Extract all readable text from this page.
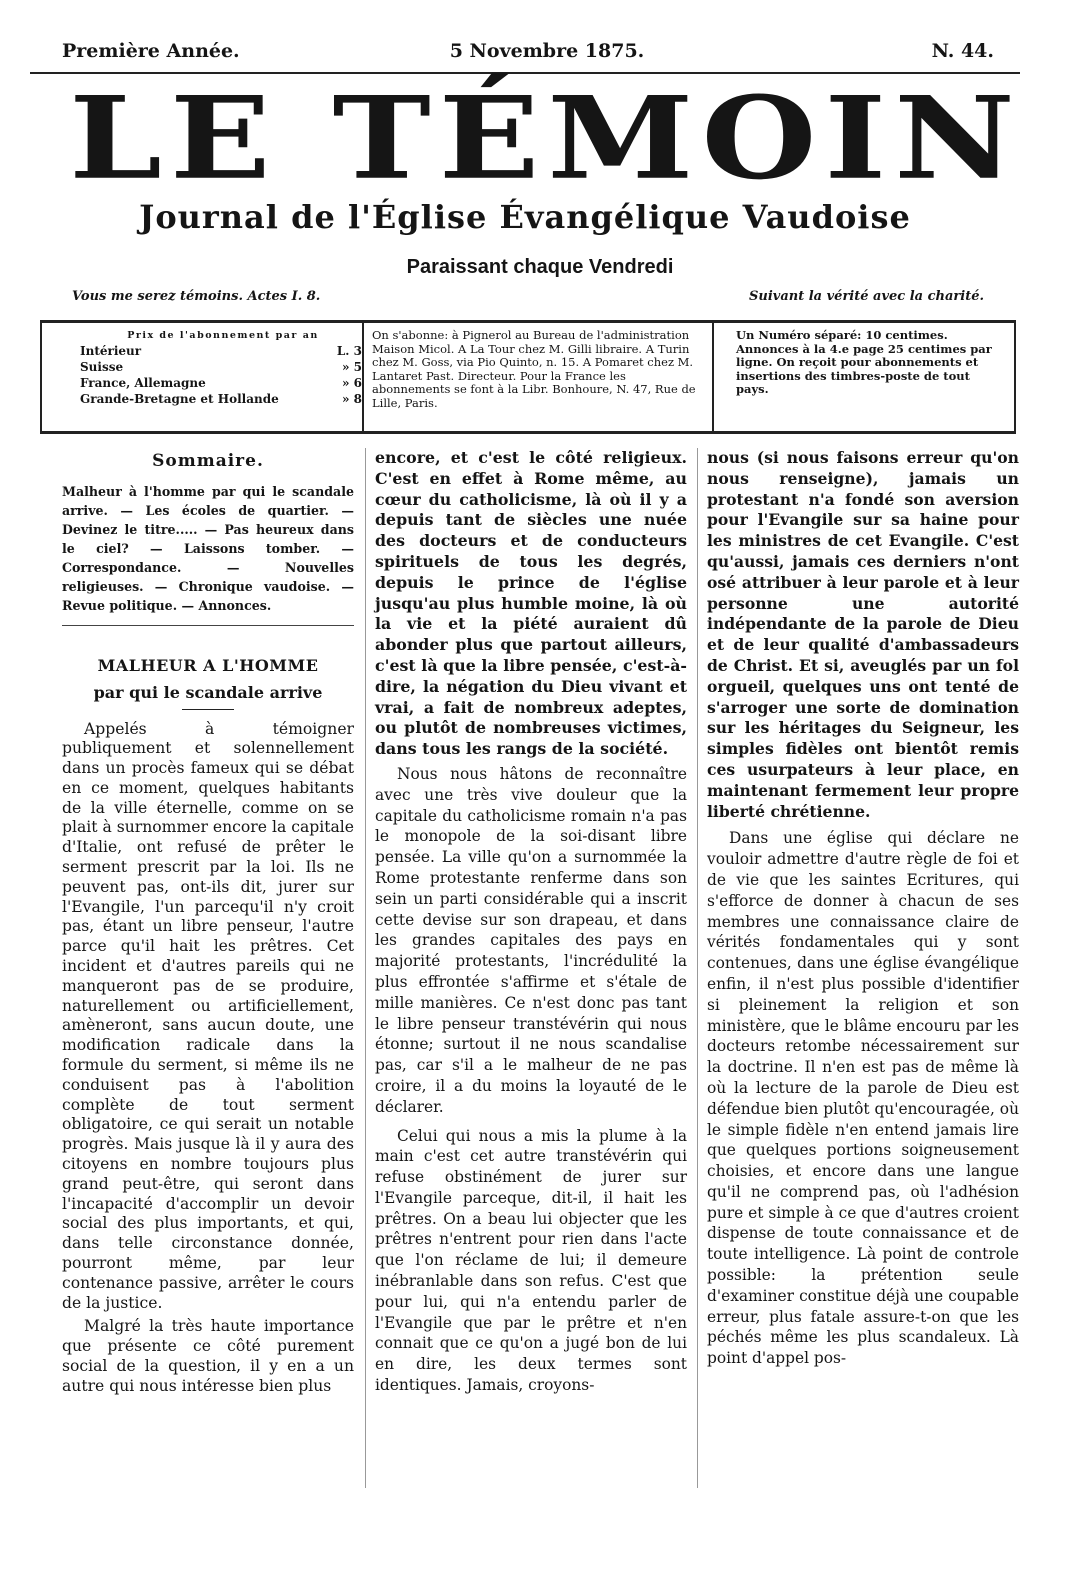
Première Année.	5 Novembre 1875.	N. 44.
LE TÉMOIN
Journal de l'Église Évangélique Vaudoise
Paraissant chaque Vendredi
Vous me serez témoins. Actes I. 8.	Suivant la vérité avec la charité.
Prix de l'abonnement par an
Intérieur	L. 3
Suisse	» 5
France, Allemagne	» 6
Grande-Bretagne et Hollande	» 8
On s'abonne: à Pignerol au Bureau de l'administration Maison Micol. A La Tour chez M. Gilli libraire. A Turin chez M. Goss, via Pio Quinto, n. 15. A Pomaret chez M. Lantaret Past. Directeur. Pour la France les abonnements se font à la Libr. Bonhoure, N. 47, Rue de Lille, Paris.
Un Numéro séparé: 10 centimes. Annonces à la 4.e page 25 centimes par ligne. On reçoit pour abonnements et insertions des timbres-poste de tout pays.
Sommaire.

Malheur à l'homme par qui le scandale arrive. — Les écoles de quartier. — Devinez le titre..... — Pas heureux dans le ciel? — Laissons tomber. — Correspondance. — Nouvelles religieuses. — Chronique vaudoise. — Revue politique. — Annonces.

MALHEUR A L'HOMME
par qui le scandale arrive

Appelés à témoigner publiquement et solennellement dans un procès fameux qui se débat en ce moment, quelques habitants de la ville éternelle, comme on se plait à surnommer encore la capitale d'Italie, ont refusé de prêter le serment prescrit par la loi. Ils ne peuvent pas, ont-ils dit, jurer sur l'Evangile, l'un parcequ'il n'y croit pas, étant un libre penseur, l'autre parce qu'il hait les prêtres. Cet incident et d'autres pareils qui ne manqueront pas de se produire, naturellement ou artificiellement, amèneront, sans aucun doute, une modification radicale dans la formule du serment, si même ils ne conduisent pas à l'abolition complète de tout serment obligatoire, ce qui serait un notable progrès. Mais jusque là il y aura des citoyens en nombre toujours plus grand peut-être, qui seront dans l'incapacité d'accomplir un devoir social des plus importants, et qui, dans telle circonstance donnée, pourront même, par leur contenance passive, arrêter le cours de la justice.

Malgré la très haute importance que présente ce côté purement social de la question, il y en a un autre qui nous intéresse bien plus

encore, et c'est le côté religieux. C'est en effet à Rome même, au cœur du catholicisme, là où il y a depuis tant de siècles une nuée des docteurs et de conducteurs spirituels de tous les degrés, depuis le prince de l'église jusqu'au plus humble moine, là où la vie et la piété auraient dû abonder plus que partout ailleurs, c'est là que la libre pensée, c'est-à-dire, la négation du Dieu vivant et vrai, a fait de nombreux adeptes, ou plutôt de nombreuses victimes, dans tous les rangs de la société.

Nous nous hâtons de reconnaître avec une très vive douleur que la capitale du catholicisme romain n'a pas le monopole de la soi-disant libre pensée. La ville qu'on a surnommée la Rome protestante renferme dans son sein un parti considérable qui a inscrit cette devise sur son drapeau, et dans les grandes capitales des pays en majorité protestants, l'incrédulité la plus effrontée s'affirme et s'étale de mille manières. Ce n'est donc pas tant le libre penseur transtévérin qui nous étonne; surtout il ne nous scandalise pas, car s'il a le malheur de ne pas croire, il a du moins la loyauté de le déclarer.

Celui qui nous a mis la plume à la main c'est cet autre transtévérin qui refuse obstinément de jurer sur l'Evangile parceque, dit-il, il hait les prêtres. On a beau lui objecter que les prêtres n'entrent pour rien dans l'acte que l'on réclame de lui; il demeure inébranlable dans son refus. C'est que pour lui, qui n'a entendu parler de l'Evangile que par le prêtre et n'en connait que ce qu'on a jugé bon de lui en dire, les deux termes sont identiques. Jamais, croyons-

nous (si nous faisons erreur qu'on nous renseigne), jamais un protestant n'a fondé son aversion pour l'Evangile sur sa haine pour les ministres de cet Evangile. C'est qu'aussi, jamais ces derniers n'ont osé attribuer à leur parole et à leur personne une autorité indépendante de la parole de Dieu et de leur qualité d'ambassadeurs de Christ. Et si, aveuglés par un fol orgueil, quelques uns ont tenté de s'arroger une sorte de domination sur les héritages du Seigneur, les simples fidèles ont bientôt remis ces usurpateurs à leur place, en maintenant fermement leur propre liberté chrétienne.

Dans une église qui déclare ne vouloir admettre d'autre règle de foi et de vie que les saintes Ecritures, qui s'efforce de donner à chacun de ses membres une connaissance claire de vérités fondamentales qui y sont contenues, dans une église évangélique enfin, il n'est plus possible d'identifier si pleinement la religion et son ministère, que le blâme encouru par les docteurs retombe nécessairement sur la doctrine. Il n'en est pas de même là où la lecture de la parole de Dieu est défendue bien plutôt qu'encouragée, où le simple fidèle n'en entend jamais lire que quelques portions soigneusement choisies, et encore dans une langue qu'il ne comprend pas, où l'adhésion pure et simple à ce que d'autres croient dispense de toute connaissance et de toute intelligence. Là point de controle possible: la prétention seule d'examiner constitue déjà une coupable erreur, plus fatale assure-t-on que les péchés même les plus scandaleux. Là point d'appel pos-
